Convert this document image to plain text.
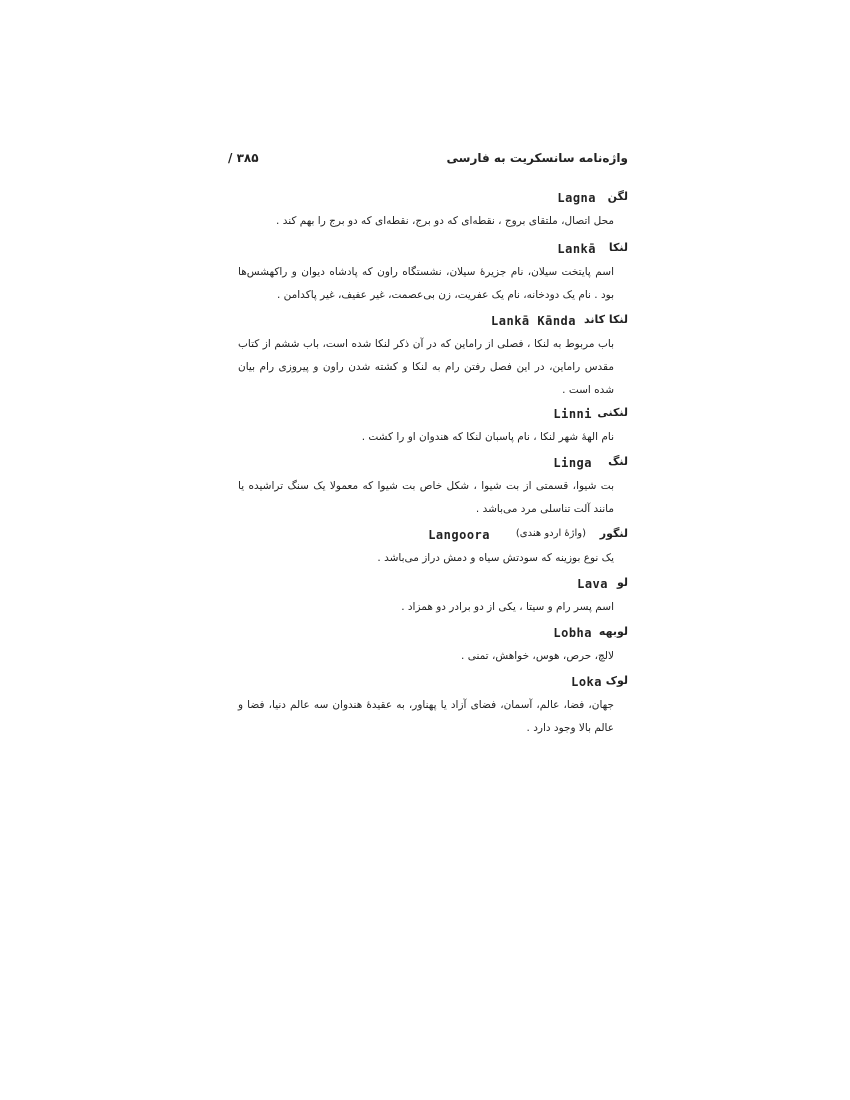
واژه‌نامه سانسکریت به فارسی
۳۸۵ /
لگن
Lagna
محل اتصال، ملتقای بروج ، نقطه‌ای که دو برج، نقطه‌ای که دو برج را بهم کند .
لنکا
Lankā
اسم پایتخت سیلان، نام جزیرهٔ سیلان، نشستگاه راون که پادشاه دیوان و راکهشس‌ها بود . نام یک دودخانه، نام یک عفریت، زن بی‌عصمت، غیر عفیف، غیر پاکدامن .
لنکا کاند
Lankā Kānda
باب مربوط به لنکا ، فصلی از راماین که در آن ذکر لنکا شده است، باب ششم از کتاب مقدس راماین، در این فصل رفتن رام به لنکا و کشته شدن راون و پیروزی رام بیان شده است .
لنکنی
Linni
نام الههٔ شهر لنکا ، نام پاسبان لنکا که هندوان او را کشت .
لنگ
Linga
بت شیوا، قسمتی از بت شیوا ، شکل خاص بت شیوا که معمولا یک سنگ تراشیده یا مانند آلت تناسلی مرد می‌باشد .
لنگور
(واژهٔ اردو هندی)
Langoora
یک نوع بوزینه که سودتش سیاه و دمش دراز می‌باشد .
لو
Lava
اسم پسر رام و سیتا ، یکی از دو برادر دو همزاد .
لوبهه
Lobha
لالچ، حرص، هوس، خواهش، تمنی .
لوک
Loka
جهان، فضا، عالم، آسمان، فضای آزاد یا پهناور، به عقیدهٔ هندوان سه عالم دنیا، فضا و عالم بالا وجود دارد .
